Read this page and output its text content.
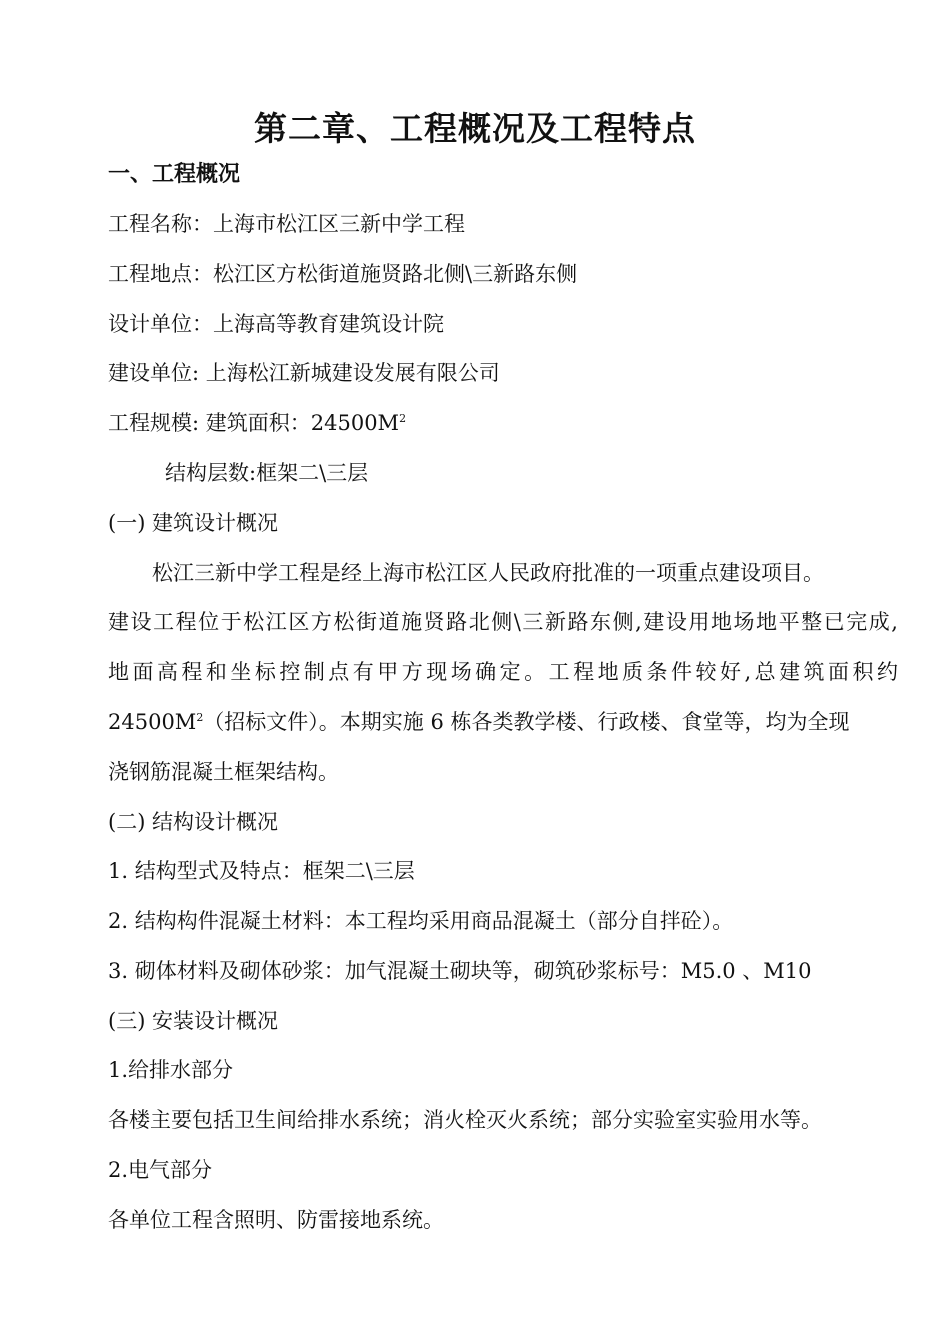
第二章、工程概况及工程特点
一、工程概况
工程名称：上海市松江区三新中学工程
工程地点：松江区方松街道施贤路北侧\三新路东侧
设计单位：上海高等教育建筑设计院
建设单位: 上海松江新城建设发展有限公司
工程规模: 建筑面积：$24500M^2$
结构层数:框架二\三层
(一) 建筑设计概况
松江三新中学工程是经上海市松江区人民政府批准的一项重点建设项目。
建设工程位于松江区方松街道施贤路北侧\三新路东侧,建设用地场地平整已完成,
地面高程和坐标控制点有甲方现场确定。工程地质条件较好,总建筑面积约
$24500M^2$（招标文件）。本期实施 6 栋各类教学楼、行政楼、食堂等，均为全现
浇钢筋混凝土框架结构。
(二) 结构设计概况
1. 结构型式及特点：框架二\三层
2. 结构构件混凝土材料：本工程均采用商品混凝土（部分自拌砼）。
3. 砌体材料及砌体砂浆：加气混凝土砌块等，砌筑砂浆标号：M5.0 、M10
(三) 安装设计概况
1.给排水部分
各楼主要包括卫生间给排水系统；消火栓灭火系统；部分实验室实验用水等。
2.电气部分
各单位工程含照明、防雷接地系统。
